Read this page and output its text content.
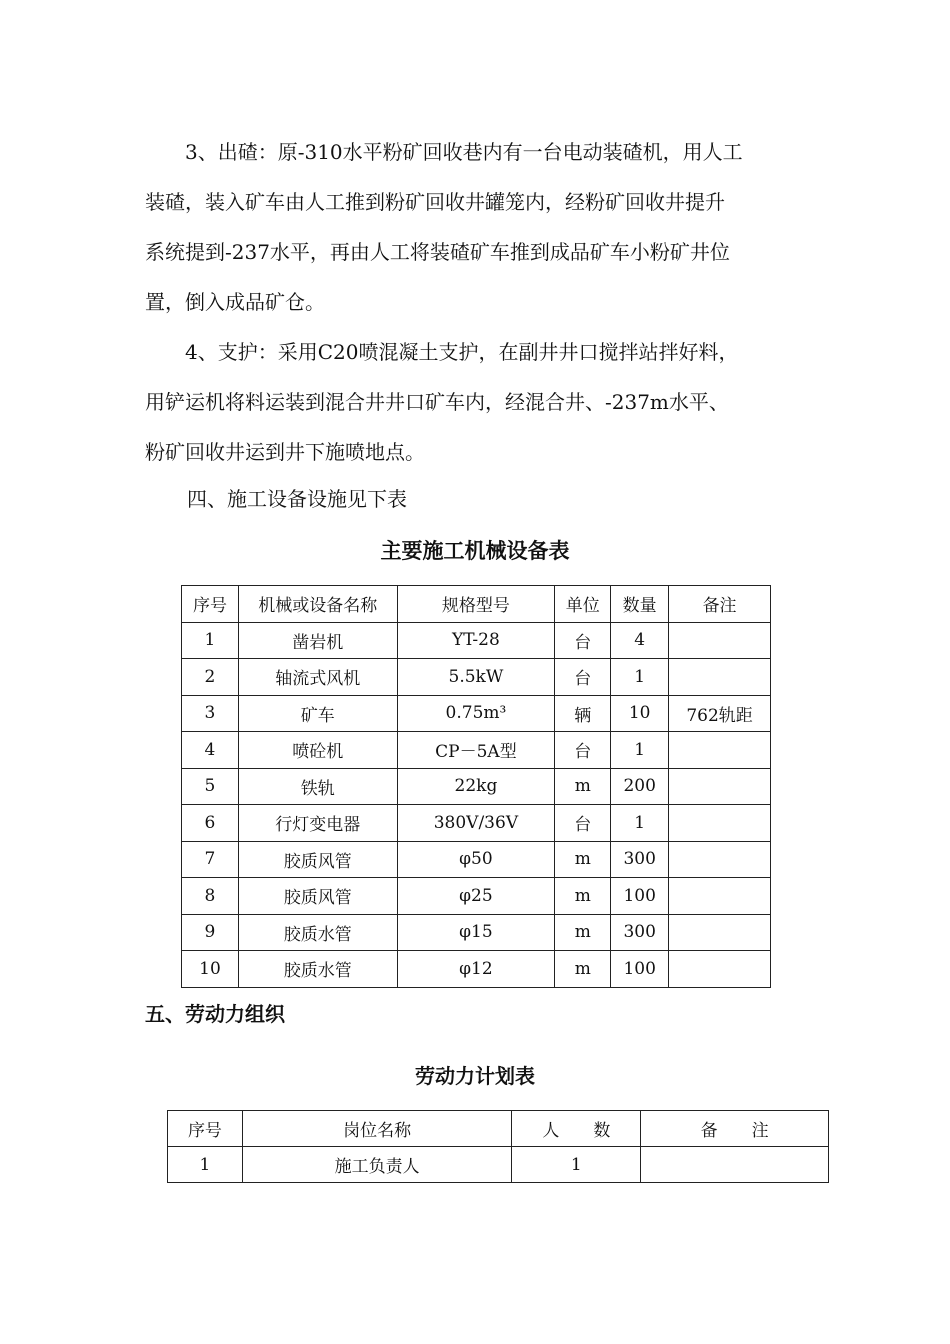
3、出碴：原-310水平粉矿回收巷内有一台电动装碴机，用人工
装碴，装入矿车由人工推到粉矿回收井罐笼内，经粉矿回收井提升
系统提到-237水平，再由人工将装碴矿车推到成品矿车小粉矿井位
置，倒入成品矿仓。
4、支护：采用C20喷混凝土支护，在副井井口搅拌站拌好料，
用铲运机将料运装到混合井井口矿车内，经混合井、-237m水平、
粉矿回收井运到井下施喷地点。
四、施工设备设施见下表
主要施工机械设备表
序号	机械或设备名称	规格型号	单位	数量	备注
1	凿岩机	YT-28	台	4	
2	轴流式风机	5.5kW	台	1	
3	矿车	0.75m³	辆	10	762轨距
4	喷砼机	CP－5A型	台	1	
5	铁轨	22kg	m	200	
6	行灯变电器	380V/36V	台	1	
7	胶质风管	φ50	m	300	
8	胶质风管	φ25	m	100	
9	胶质水管	φ15	m	300	
10	胶质水管	φ12	m	100	
五、劳动力组织
劳动力计划表
序号	岗位名称	人　　数	备　　注
1	施工负责人	1	
